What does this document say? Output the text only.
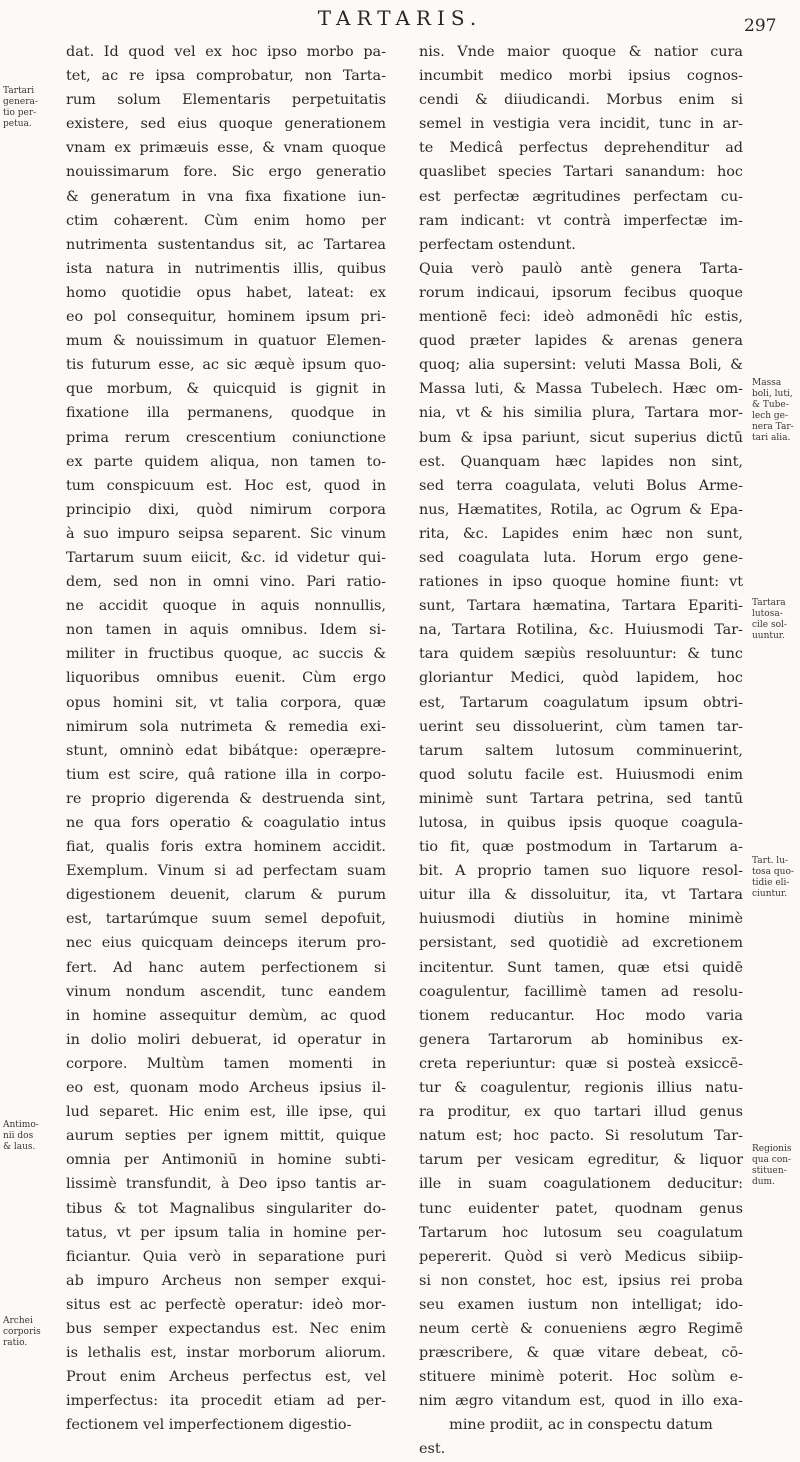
TARTARIS.	297
dat. Id quod vel ex hoc ipso morbo pa-
tet, ac re ipsa comprobatur, non Tarta-
rum solum Elementaris perpetuitatis
existere, sed eius quoque generationem
vnam ex primæuis esse, & vnam quoque
nouissimarum fore. Sic ergo generatio
& generatum in vna fixa fixatione iun-
ctim cohærent. Cùm enim homo per
nutrimenta sustentandus sit, ac Tartarea
ista natura in nutrimentis illis, quibus
homo quotidie opus habet, lateat: ex
eo pol consequitur, hominem ipsum pri-
mum & nouissimum in quatuor Elemen-
tis futurum esse, ac sic æquè ipsum quo-
que morbum, & quicquid is gignit in
fixatione illa permanens, quodque in
prima rerum crescentium coniunctione
ex parte quidem aliqua, non tamen to-
tum conspicuum est. Hoc est, quod in
principio dixi, quòd nimirum corpora
à suo impuro seipsa separent. Sic vinum
Tartarum suum eiicit, &c. id videtur qui-
dem, sed non in omni vino. Pari ratio-
ne accidit quoque in aquis nonnullis,
non tamen in aquis omnibus. Idem si-
militer in fructibus quoque, ac succis &
liquoribus omnibus euenit. Cùm ergo
opus homini sit, vt talia corpora, quæ
nimirum sola nutrimeta & remedia exi-
stunt, omninò edat bibátque: operæpre-
tium est scire, quâ ratione illa in corpo-
re proprio digerenda & destruenda sint,
ne qua fors operatio & coagulatio intus
fiat, qualis foris extra hominem accidit.
Exemplum. Vinum si ad perfectam suam
digestionem deuenit, clarum & purum
est, tartarúmque suum semel depofuit,
nec eius quicquam deinceps iterum pro-
fert. Ad hanc autem perfectionem si
vinum nondum ascendit, tunc eandem
in homine assequitur demùm, ac quod
in dolio moliri debuerat, id operatur in
corpore. Multùm tamen momenti in
eo est, quonam modo Archeus ipsius il-
lud separet. Hic enim est, ille ipse, qui
aurum septies per ignem mittit, quique
omnia per Antimoniū in homine subti-
lissimè transfundit, à Deo ipso tantis ar-
tibus & tot Magnalibus singulariter do-
tatus, vt per ipsum talia in homine per-
ficiantur. Quia verò in separatione puri
ab impuro Archeus non semper exqui-
situs est ac perfectè operatur: ideò mor-
bus semper expectandus est. Nec enim
is lethalis est, instar morborum aliorum.
Prout enim Archeus perfectus est, vel
imperfectus: ita procedit etiam ad per-
fectionem vel imperfectionem digestio-
nis. Vnde maior quoque & natior cura
incumbit medico morbi ipsius cognos-
cendi & diiudicandi. Morbus enim si
semel in vestigia vera incidit, tunc in ar-
te Medicâ perfectus deprehenditur ad
quaslibet species Tartari sanandum: hoc
est perfectæ ægritudines perfectam cu-
ram indicant: vt contrà imperfectæ im-
perfectam ostendunt.
Quia verò paulò antè genera Tarta-
rorum indicaui, ipsorum fecibus quoque
mentionē feci: ideò admonēdi hîc estis,
quod præter lapides & arenas genera
quoq; alia supersint: veluti Massa Boli, &
Massa luti, & Massa Tubelech. Hæc om-
nia, vt & his similia plura, Tartara mor-
bum & ipsa pariunt, sicut superius dictū
est. Quanquam hæc lapides non sint,
sed terra coagulata, veluti Bolus Arme-
nus, Hæmatites, Rotila, ac Ogrum & Epa-
rita, &c. Lapides enim hæc non sunt,
sed coagulata luta. Horum ergo gene-
rationes in ipso quoque homine fiunt: vt
sunt, Tartara hæmatina, Tartara Epariti-
na, Tartara Rotilina, &c. Huiusmodi Tar-
tara quidem sæpiùs resoluuntur: & tunc
gloriantur Medici, quòd lapidem, hoc
est, Tartarum coagulatum ipsum obtri-
uerint seu dissoluerint, cùm tamen tar-
tarum saltem lutosum comminuerint,
quod solutu facile est. Huiusmodi enim
minimè sunt Tartara petrina, sed tantū
lutosa, in quibus ipsis quoque coagula-
tio fit, quæ postmodum in Tartarum a-
bit. A proprio tamen suo liquore resol-
uitur illa & dissoluitur, ita, vt Tartara
huiusmodi diutiùs in homine minimè
persistant, sed quotidiè ad excretionem
incitentur. Sunt tamen, quæ etsi quidē
coagulentur, facillimè tamen ad resolu-
tionem reducantur. Hoc modo varia
genera Tartarorum ab hominibus ex-
creta reperiuntur: quæ si posteà exsiccē-
tur & coagulentur, regionis illius natu-
ra proditur, ex quo tartari illud genus
natum est; hoc pacto. Si resolutum Tar-
tarum per vesicam egreditur, & liquor
ille in suam coagulationem deducitur:
tunc euidenter patet, quodnam genus
Tartarum hoc lutosum seu coagulatum
pepererit. Quòd si verò Medicus sibiip-
si non constet, hoc est, ipsius rei proba
seu examen iustum non intelligat; ido-
neum certè & conueniens ægro Regimē
præscribere, & quæ vitare debeat, cō-
stituere minimè poterit. Hoc solùm e-
nim ægro vitandum est, quod in illo exa-
mine prodiit, ac in conspectu datum
est.
Tartari
genera-
tio per-
petua.
Antimo-
nii dos
& laus.
Archei
corporis
ratio.
Massa
boli, luti,
& Tube-
lech ge-
nera Tar-
tari alia.
Tartara
lutosa-
cile sol-
uuntur.
Tart. lu-
tosa quo-
tidie eli-
ciuntur.
Regionis
qua con-
stituen-
dum.
